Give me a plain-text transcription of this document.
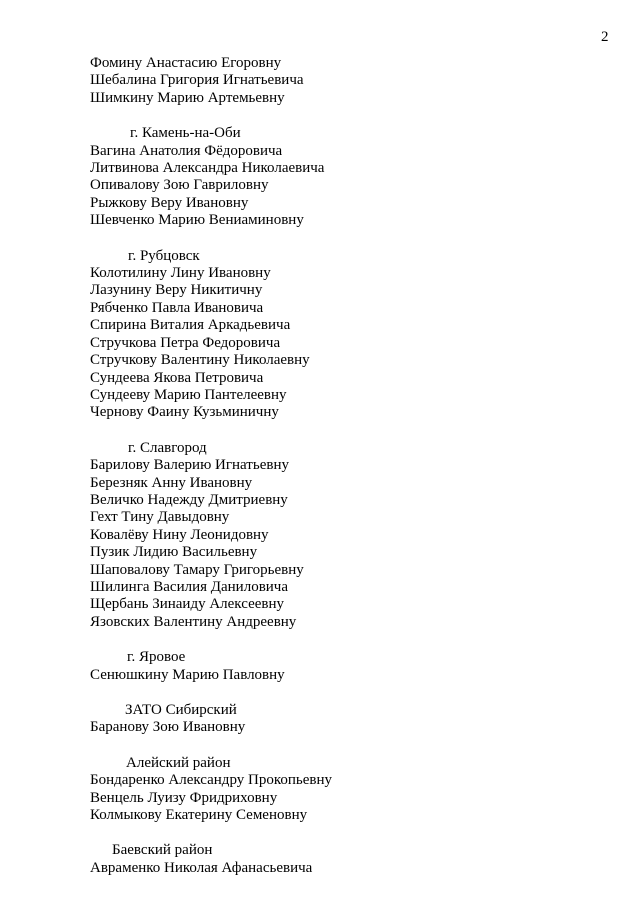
2
Фомину Анастасию Егоровну
Шебалина Григория Игнатьевича
Шимкину Марию Артемьевну
г. Камень-на-Оби
Вагина Анатолия Фёдоровича
Литвинова Александра Николаевича
Опивалову Зою Гавриловну
Рыжкову Веру Ивановну
Шевченко Марию Вениаминовну
г. Рубцовск
Колотилину Лину Ивановну
Лазунину Веру Никитичну
Рябченко Павла Ивановича
Спирина Виталия Аркадьевича
Стручкова Петра Федоровича
Стручкову Валентину Николаевну
Сундеева Якова Петровича
Сундееву Марию Пантелеевну
Чернову Фаину Кузьминичну
г. Славгород
Барилову Валерию Игнатьевну
Березняк Анну Ивановну
Величко Надежду Дмитриевну
Гехт Тину Давыдовну
Ковалёву Нину Леонидовну
Пузик Лидию Васильевну
Шаповалову Тамару Григорьевну
Шилинга Василия Даниловича
Щербань Зинаиду Алексеевну
Язовских Валентину Андреевну
г. Яровое
Сенюшкину Марию Павловну
ЗАТО Сибирский
Баранову Зою Ивановну
Алейский район
Бондаренко Александру Прокопьевну
Венцель Луизу Фридриховну
Колмыкову Екатерину Семеновну
Баевский район
Авраменко Николая Афанасьевича
